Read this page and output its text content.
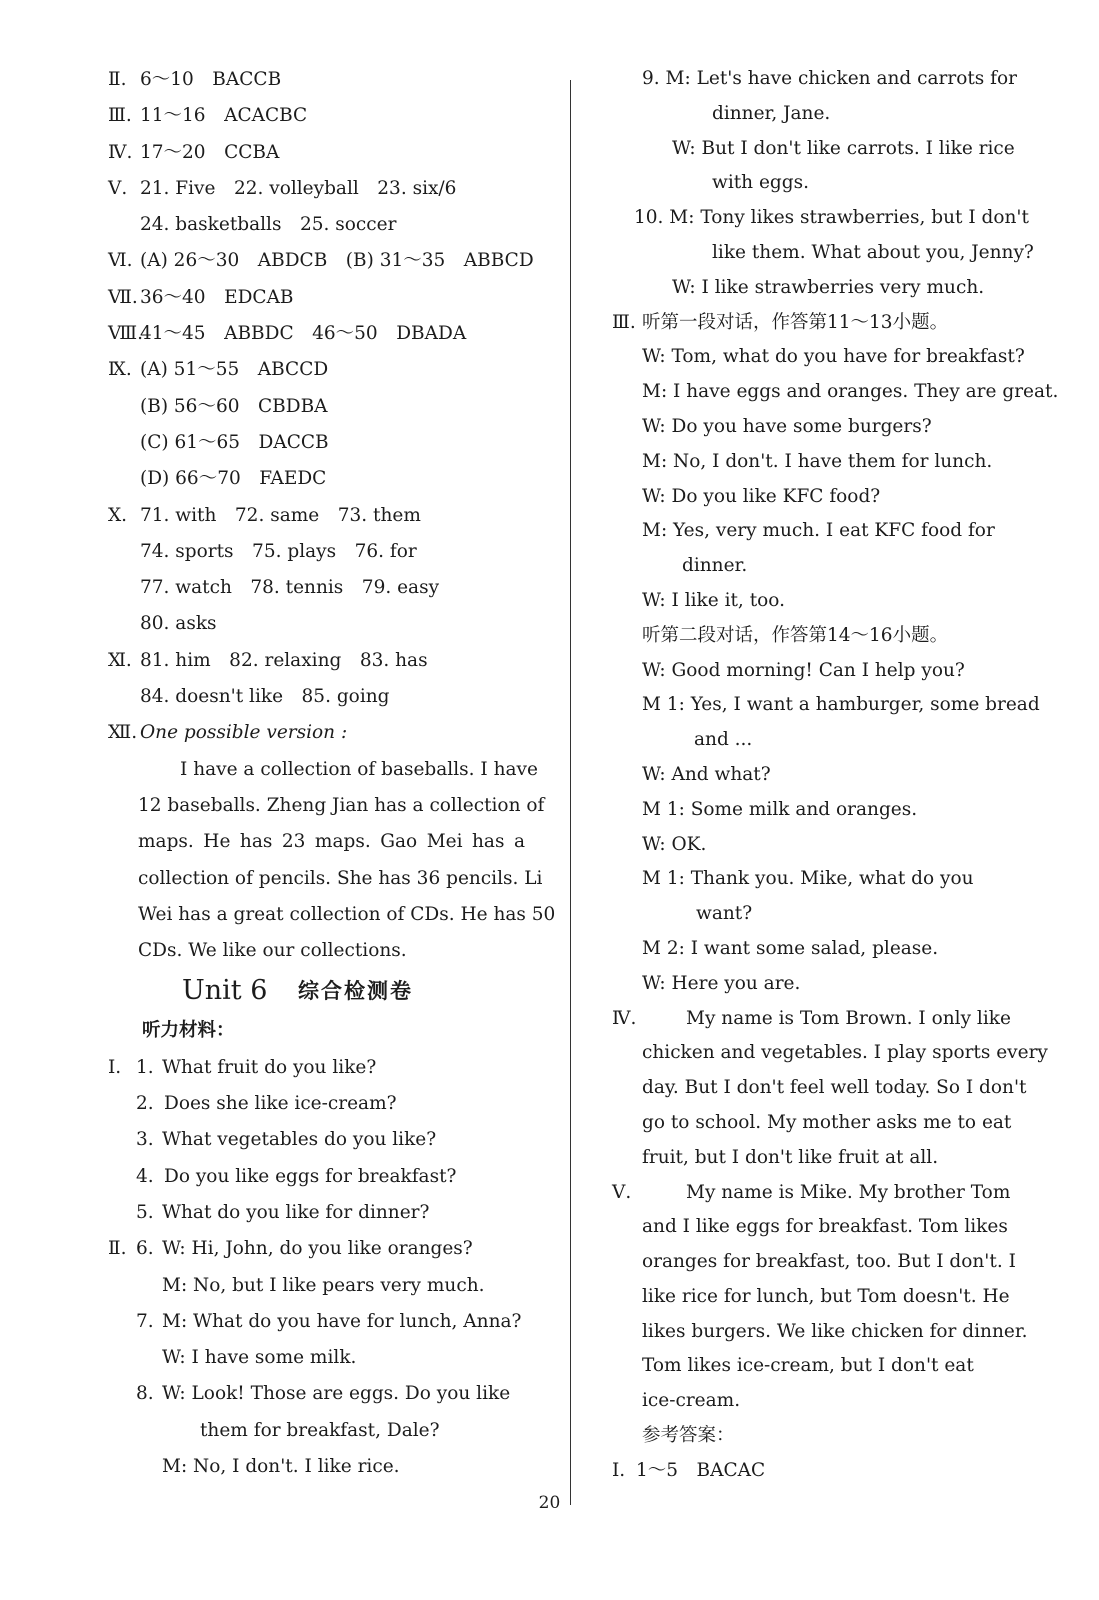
Ⅱ. 6～10　BACCB
Ⅲ. 11～16　ACACBC
Ⅳ. 17～20　CCBA
Ⅴ. 21. Five　22. volleyball　23. six/6
24. basketballs　25. soccer
Ⅵ. (A) 26～30　ABDCB　(B) 31～35　ABBCD
Ⅶ. 36～40　EDCAB
Ⅷ.
41～45　ABBDC　46～50　DBADA
Ⅸ. (A) 51～55　ABCCD
(B) 56～60　CBDBA
(C) 61～65　DACCB
(D) 66～70　FAEDC
Ⅹ. 71. with　72. same　73. them
74. sports　75. plays　76. for
77. watch　78. tennis　79. easy
80. asks
Ⅺ. 81. him　82. relaxing　83. has
84. doesn't like　85. going
Ⅻ. One possible version :
I have a collection of baseballs. I have
12 baseballs. Zheng Jian has a collection of
maps. He has 23 maps. Gao Mei has a
collection of pencils. She has 36 pencils. Li
Wei has a great collection of CDs. He has 50
CDs. We like our collections.
Unit 6 综合检测卷
听力材料：
Ⅰ. 1. What fruit do you like?
2. Does she like ice-cream?
3. What vegetables do you like?
4. Do you like eggs for breakfast?
5. What do you like for dinner?
Ⅱ. 6. W: Hi, John, do you like oranges?
M: No, but I like pears very much.
7. M: What do you have for lunch, Anna?
W: I have some milk.
8. W: Look! Those are eggs. Do you like
them for breakfast, Dale?
M: No, I don't. I like rice.
9. M: Let's have chicken and carrots for
dinner, Jane.
W: But I don't like carrots. I like rice
with eggs.
10. M: Tony likes strawberries, but I don't
like them. What about you, Jenny?
W: I like strawberries very much.
Ⅲ. 听第一段对话，作答第11～13小题。
W: Tom, what do you have for breakfast?
M: I have eggs and oranges. They are great.
W: Do you have some burgers?
M: No, I don't. I have them for lunch.
W: Do you like KFC food?
M: Yes, very much. I eat KFC food for
dinner.
W: I like it, too.
听第二段对话，作答第14～16小题。
W: Good morning! Can I help you?
M 1: Yes, I want a hamburger, some bread
and ...
W: And what?
M 1: Some milk and oranges.
W: OK.
M 1: Thank you. Mike, what do you
want?
M 2: I want some salad, please.
W: Here you are.
Ⅳ.	My name is Tom Brown. I only like
chicken and vegetables. I play sports every
day. But I don't feel well today. So I don't
go to school. My mother asks me to eat
fruit, but I don't like fruit at all.
Ⅴ.	My name is Mike. My brother Tom
and I like eggs for breakfast. Tom likes
oranges for breakfast, too. But I don't. I
like rice for lunch, but Tom doesn't. He
likes burgers. We like chicken for dinner.
Tom likes ice-cream, but I don't eat
ice-cream.
参考答案：
Ⅰ. 1～5　BACAC
20
